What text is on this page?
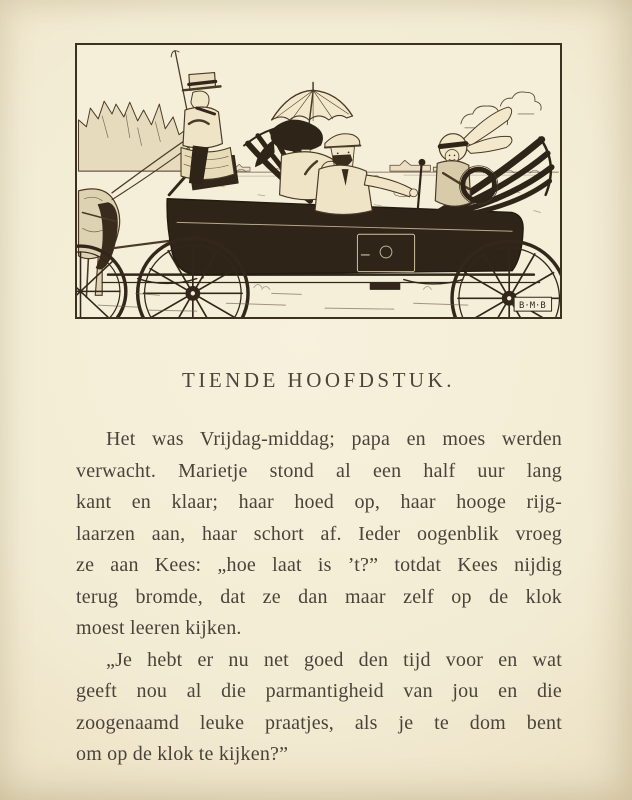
B·M·B
TIENDE HOOFDSTUK.

Het was Vrijdag-middag; papa en moes werden
verwacht. Marietje stond al een half uur lang
kant en klaar; haar hoed op, haar hooge rijg-
laarzen aan, haar schort af. Ieder oogenblik vroeg
ze aan Kees: „hoe laat is ’t?” totdat Kees nijdig
terug bromde, dat ze dan maar zelf op de klok
moest leeren kijken.

„Je hebt er nu net goed den tijd voor en wat
geeft nou al die parmantigheid van jou en die
zoogenaamd leuke praatjes, als je te dom bent
om op de klok te kijken?”
